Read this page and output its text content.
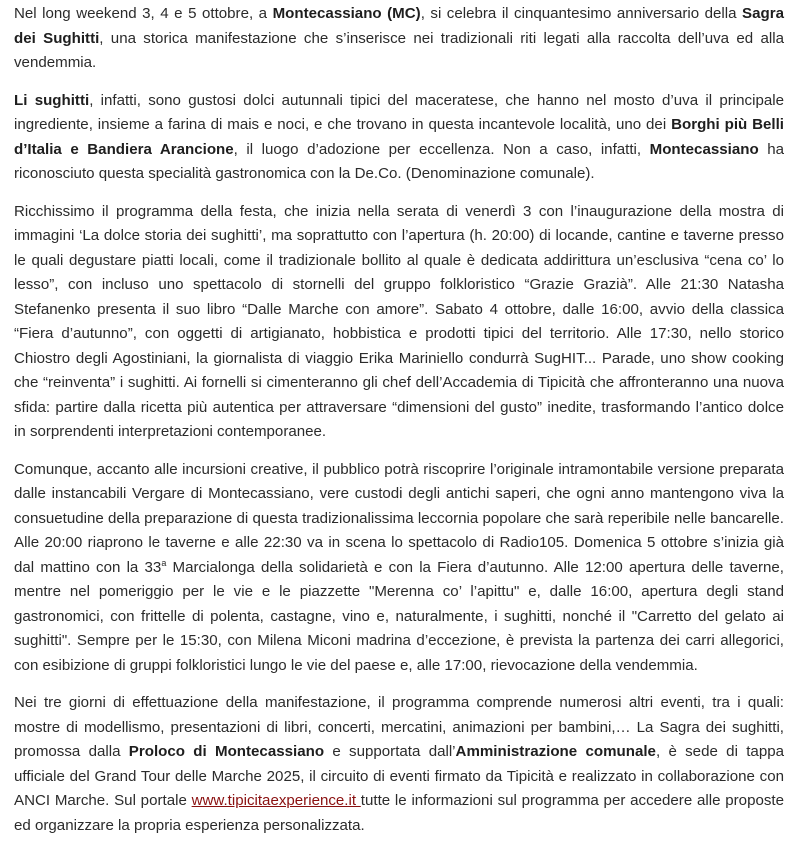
Nel long weekend 3, 4 e 5 ottobre, a Montecassiano (MC), si celebra il cinquantesimo anniversario della Sagra dei Sughitti, una storica manifestazione che s’inserisce nei tradizionali riti legati alla raccolta dell’uva ed alla vendemmia.

Li sughitti, infatti, sono gustosi dolci autunnali tipici del maceratese, che hanno nel mosto d’uva il principale ingrediente, insieme a farina di mais e noci, e che trovano in questa incantevole località, uno dei Borghi più Belli d’Italia e Bandiera Arancione, il luogo d’adozione per eccellenza. Non a caso, infatti, Montecassiano ha riconosciuto questa specialità gastronomica con la De.Co. (Denominazione comunale).

Ricchissimo il programma della festa, che inizia nella serata di venerdì 3 con l’inaugurazione della mostra di immagini ‘La dolce storia dei sughitti’, ma soprattutto con l’apertura (h. 20:00) di locande, cantine e taverne presso le quali degustare piatti locali, come il tradizionale bollito al quale è dedicata addirittura un’esclusiva “cena co’ lo lesso”, con incluso uno spettacolo di stornelli del gruppo folkloristico “Grazie Grazià”. Alle 21:30 Natasha Stefanenko presenta il suo libro “Dalle Marche con amore”. Sabato 4 ottobre, dalle 16:00, avvio della classica “Fiera d’autunno”, con oggetti di artigianato, hobbistica e prodotti tipici del territorio. Alle 17:30, nello storico Chiostro degli Agostiniani, la giornalista di viaggio Erika Mariniello condurrà SugHIT... Parade, uno show cooking che “reinventa” i sughitti. Ai fornelli si cimenteranno gli chef dell’Accademia di Tipicità che affronteranno una nuova sfida: partire dalla ricetta più autentica per attraversare “dimensioni del gusto” inedite, trasformando l’antico dolce in sorprendenti interpretazioni contemporanee.

Comunque, accanto alle incursioni creative, il pubblico potrà riscoprire l’originale intramontabile versione preparata dalle instancabili Vergare di Montecassiano, vere custodi degli antichi saperi, che ogni anno mantengono viva la consuetudine della preparazione di questa tradizionalissima leccornia popolare che sarà reperibile nelle bancarelle. Alle 20:00 riaprono le taverne e alle 22:30 va in scena lo spettacolo di Radio105. Domenica 5 ottobre s’inizia già dal mattino con la 33$^a$ Marcialonga della solidarietà e con la Fiera d’autunno. Alle 12:00 apertura delle taverne, mentre nel pomeriggio per le vie e le piazzette "Merenna co’ l’apittu" e, dalle 16:00, apertura degli stand gastronomici, con frittelle di polenta, castagne, vino e, naturalmente, i sughitti, nonché il "Carretto del gelato ai sughitti". Sempre per le 15:30, con Milena Miconi madrina d’eccezione, è prevista la partenza dei carri allegorici, con esibizione di gruppi folkloristici lungo le vie del paese e, alle 17:00, rievocazione della vendemmia.

Nei tre giorni di effettuazione della manifestazione, il programma comprende numerosi altri eventi, tra i quali: mostre di modellismo, presentazioni di libri, concerti, mercatini, animazioni per bambini,… La Sagra dei sughitti, promossa dalla Proloco di Montecassiano e supportata dall’Amministrazione comunale, è sede di tappa ufficiale del Grand Tour delle Marche 2025, il circuito di eventi firmato da Tipicità e realizzato in collaborazione con ANCI Marche. Sul portale www.tipicitaexperience.it tutte le informazioni sul programma per accedere alle proposte ed organizzare la propria esperienza personalizzata.
